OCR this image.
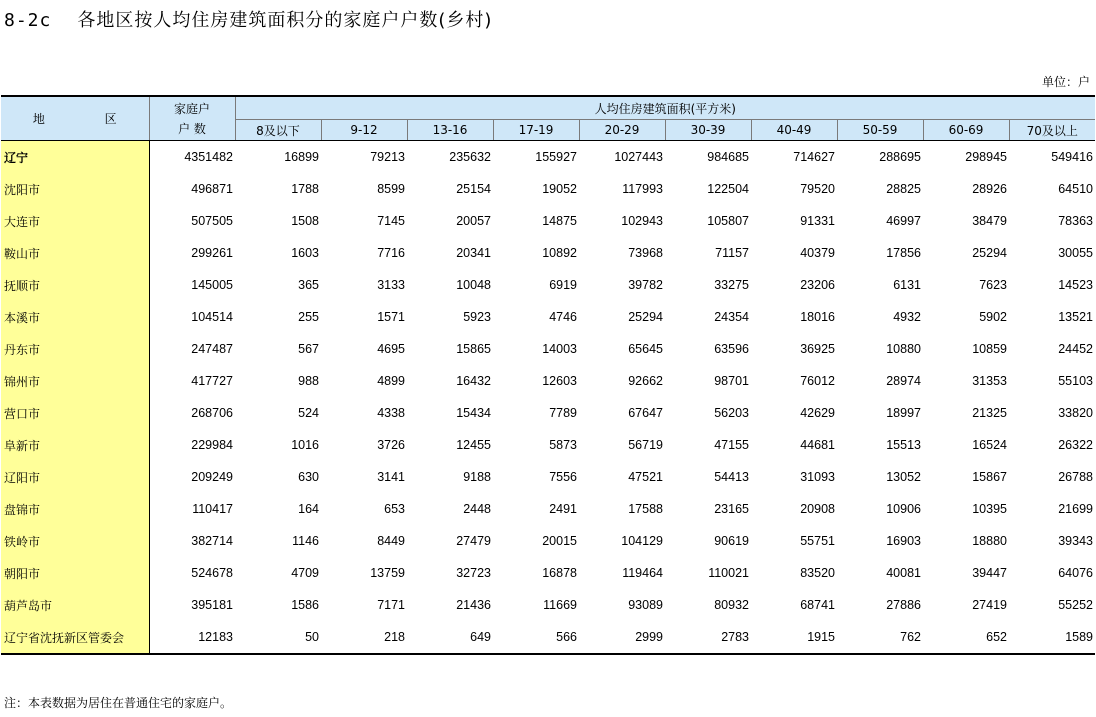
8-2c 各地区按人均住房建筑面积分的家庭户户数(乡村)
单位：户
地 区	家庭户
户 数	人均住房建筑面积(平方米)									
		8及以下	9-12	13-16	17-19	20-29	30-39	40-49	50-59	60-69	70及以上
辽宁	4351482	16899	79213	235632	155927	1027443	984685	714627	288695	298945	549416
沈阳市	496871	1788	8599	25154	19052	117993	122504	79520	28825	28926	64510
大连市	507505	1508	7145	20057	14875	102943	105807	91331	46997	38479	78363
鞍山市	299261	1603	7716	20341	10892	73968	71157	40379	17856	25294	30055
抚顺市	145005	365	3133	10048	6919	39782	33275	23206	6131	7623	14523
本溪市	104514	255	1571	5923	4746	25294	24354	18016	4932	5902	13521
丹东市	247487	567	4695	15865	14003	65645	63596	36925	10880	10859	24452
锦州市	417727	988	4899	16432	12603	92662	98701	76012	28974	31353	55103
营口市	268706	524	4338	15434	7789	67647	56203	42629	18997	21325	33820
阜新市	229984	1016	3726	12455	5873	56719	47155	44681	15513	16524	26322
辽阳市	209249	630	3141	9188	7556	47521	54413	31093	13052	15867	26788
盘锦市	110417	164	653	2448	2491	17588	23165	20908	10906	10395	21699
铁岭市	382714	1146	8449	27479	20015	104129	90619	55751	16903	18880	39343
朝阳市	524678	4709	13759	32723	16878	119464	110021	83520	40081	39447	64076
葫芦岛市	395181	1586	7171	21436	11669	93089	80932	68741	27886	27419	55252
辽宁省沈抚新区管委会	12183	50	218	649	566	2999	2783	1915	762	652	1589
注：本表数据为居住在普通住宅的家庭户。
